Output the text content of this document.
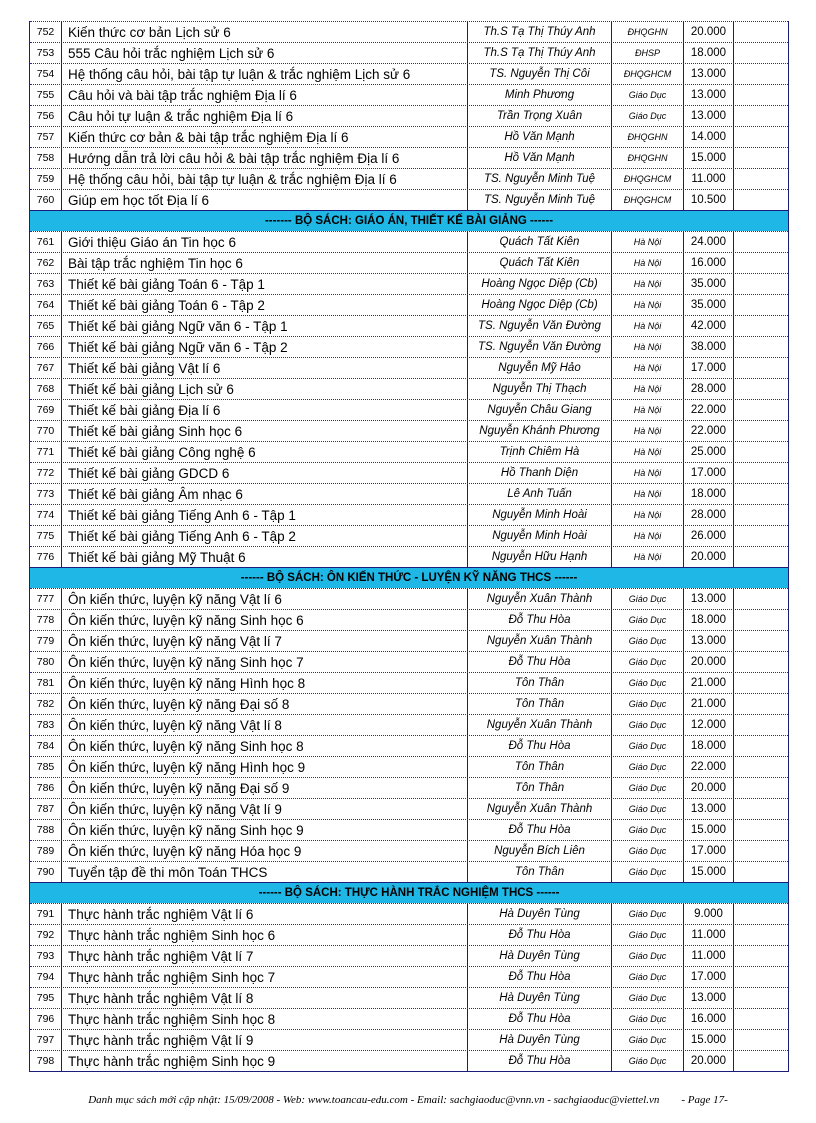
752	Kiến thức cơ bản Lịch sử 6	Th.S Tạ Thị Thúy Anh	ĐHQGHN	20.000
753	555 Câu hỏi trắc nghiệm Lịch sử 6	Th.S Tạ Thị Thúy Anh	ĐHSP	18.000
754	Hệ thống câu hỏi, bài tập tự luận & trắc nghiệm Lịch sử 6	TS. Nguyễn Thị Côi	ĐHQGHCM	13.000
755	Câu hỏi và bài tập trắc nghiệm Địa lí 6	Minh Phương	Giáo Dục	13.000
756	Câu hỏi tự luận & trắc nghiệm Địa lí 6	Trần Trọng Xuân	Giáo Dục	13.000
757	Kiến thức cơ bản & bài tập trắc nghiệm Địa lí 6	Hồ Văn Mạnh	ĐHQGHN	14.000
758	Hướng dẫn trả lời câu hỏi & bài tập trắc nghiệm Địa lí 6	Hồ Văn Mạnh	ĐHQGHN	15.000
759	Hệ thống câu hỏi, bài tập tự luận & trắc nghiệm Địa lí 6	TS. Nguyễn Minh Tuệ	ĐHQGHCM	11.000
760	Giúp em học tốt Địa lí 6	TS. Nguyễn Minh Tuệ	ĐHQGHCM	10.500
------- BỘ SÁCH: GIÁO ÁN, THIẾT KẾ BÀI GIẢNG ------
761	Giới thiệu Giáo án Tin học 6	Quách Tất Kiên	Hà Nội	24.000
762	Bài tập trắc nghiệm Tin học 6	Quách Tất Kiên	Hà Nội	16.000
763	Thiết kế bài giảng Toán 6 - Tập 1	Hoàng Ngọc Diệp (Cb)	Hà Nội	35.000
764	Thiết kế bài giảng Toán 6 - Tập 2	Hoàng Ngọc Diệp (Cb)	Hà Nội	35.000
765	Thiết kế bài giảng Ngữ văn 6 - Tập 1	TS. Nguyễn Văn Đường	Hà Nội	42.000
766	Thiết kế bài giảng Ngữ văn 6 - Tập 2	TS. Nguyễn Văn Đường	Hà Nội	38.000
767	Thiết kế bài giảng Vật lí 6	Nguyễn Mỹ Hảo	Hà Nội	17.000
768	Thiết kế bài giảng Lịch sử 6	Nguyễn Thị Thạch	Hà Nội	28.000
769	Thiết kế bài giảng Địa lí 6	Nguyễn Châu Giang	Hà Nội	22.000
770	Thiết kế bài giảng Sinh học 6	Nguyễn Khánh Phương	Hà Nội	22.000
771	Thiết kế bài giảng Công nghệ 6	Trịnh Chiêm Hà	Hà Nội	25.000
772	Thiết kế bài giảng GDCD 6	Hồ Thanh Diện	Hà Nội	17.000
773	Thiết kế bài giảng Âm nhạc 6	Lê Anh Tuấn	Hà Nội	18.000
774	Thiết kế bài giảng Tiếng Anh 6 - Tập 1	Nguyễn Minh Hoài	Hà Nội	28.000
775	Thiết kế bài giảng Tiếng Anh 6 - Tập 2	Nguyễn Minh Hoài	Hà Nội	26.000
776	Thiết kế bài giảng Mỹ Thuật 6	Nguyễn Hữu Hạnh	Hà Nội	20.000
------ BỘ SÁCH: ÔN KIẾN THỨC - LUYỆN KỸ NĂNG THCS ------
777	Ôn kiến thức, luyện kỹ năng Vật lí 6	Nguyễn Xuân Thành	Giáo Dục	13.000
778	Ôn kiến thức, luyện kỹ năng Sinh học 6	Đỗ Thu Hòa	Giáo Dục	18.000
779	Ôn kiến thức, luyện kỹ năng Vật lí 7	Nguyễn Xuân Thành	Giáo Dục	13.000
780	Ôn kiến thức, luyện kỹ năng Sinh học 7	Đỗ Thu Hòa	Giáo Dục	20.000
781	Ôn kiến thức, luyện kỹ năng Hình học 8	Tôn Thân	Giáo Dục	21.000
782	Ôn kiến thức, luyện kỹ năng Đại số 8	Tôn Thân	Giáo Dục	21.000
783	Ôn kiến thức, luyện kỹ năng Vật lí 8	Nguyễn Xuân Thành	Giáo Dục	12.000
784	Ôn kiến thức, luyện kỹ năng Sinh học 8	Đỗ Thu Hòa	Giáo Dục	18.000
785	Ôn kiến thức, luyện kỹ năng Hình học 9	Tôn Thân	Giáo Dục	22.000
786	Ôn kiến thức, luyện kỹ năng Đại số 9	Tôn Thân	Giáo Dục	20.000
787	Ôn kiến thức, luyện kỹ năng Vật lí 9	Nguyễn Xuân Thành	Giáo Dục	13.000
788	Ôn kiến thức, luyện kỹ năng Sinh học 9	Đỗ Thu Hòa	Giáo Dục	15.000
789	Ôn kiến thức, luyện kỹ năng Hóa học 9	Nguyễn Bích Liên	Giáo Dục	17.000
790	Tuyển tập đề thi môn Toán THCS	Tôn Thân	Giáo Dục	15.000
------ BỘ SÁCH: THỰC HÀNH TRẮC NGHIỆM THCS ------
791	Thực hành trắc nghiệm Vật lí 6	Hà Duyên Tùng	Giáo Dục	9.000
792	Thực hành trắc nghiệm Sinh học 6	Đỗ Thu Hòa	Giáo Dục	11.000
793	Thực hành trắc nghiệm Vật lí 7	Hà Duyên Tùng	Giáo Dục	11.000
794	Thực hành trắc nghiệm Sinh học 7	Đỗ Thu Hòa	Giáo Dục	17.000
795	Thực hành trắc nghiệm Vật lí 8	Hà Duyên Tùng	Giáo Dục	13.000
796	Thực hành trắc nghiệm Sinh học 8	Đỗ Thu Hòa	Giáo Dục	16.000
797	Thực hành trắc nghiệm Vật lí 9	Hà Duyên Tùng	Giáo Dục	15.000
798	Thực hành trắc nghiệm Sinh học 9	Đỗ Thu Hòa	Giáo Dục	20.000
Danh mục sách mới cập nhật: 15/09/2008 - Web: www.toancau-edu.com - Email: sachgiaoduc@vnn.vn - sachgiaoduc@viettel.vn - Page 17-
